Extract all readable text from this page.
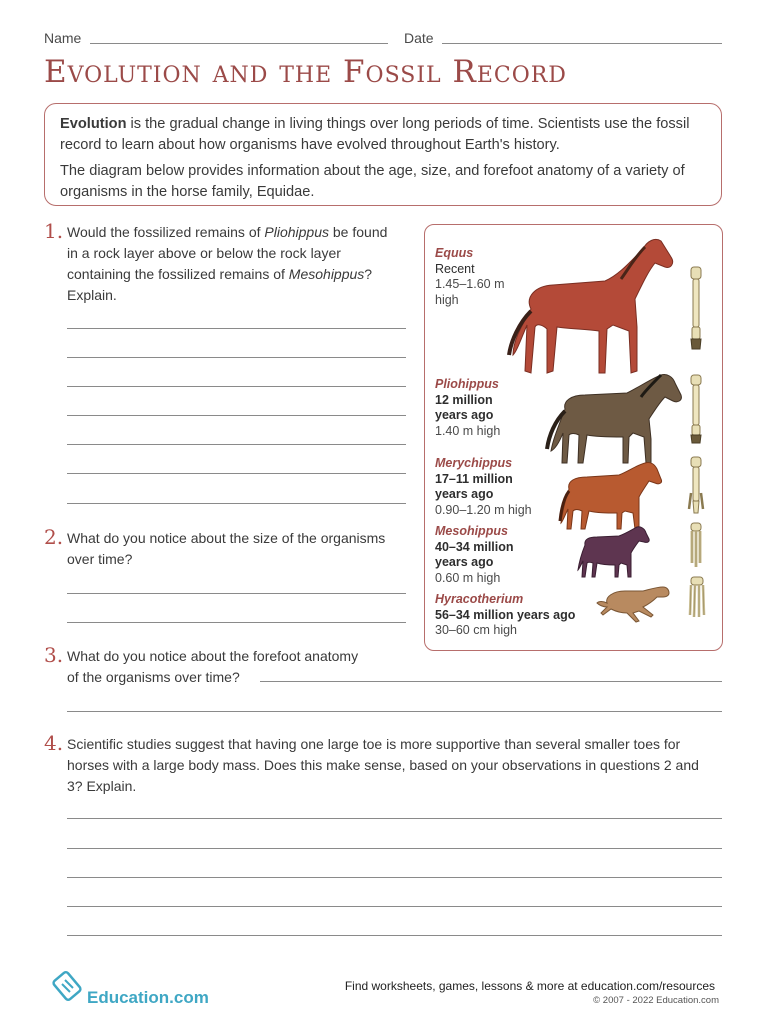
Name	Date
Evolution and the Fossil Record

Evolution is the gradual change in living things over long periods of time. Scientists use the fossil record to learn about how organisms have evolved throughout Earth's history.

The diagram below provides information about the age, size, and forefoot anatomy of a variety of organisms in the horse family, Equidae.

1. Would the fossilized remains of Pliohippus be found in a rock layer above or below the rock layer containing the fossilized remains of Mesohippus? Explain.
2. What do you notice about the size of the organisms over time?
3. What do you notice about the forefoot anatomy
of the organisms over time?
4. Scientific studies suggest that having one large toe is more supportive than several smaller toes for horses with a large body mass. Does this make sense, based on your observations in questions 2 and 3? Explain.
Equus
Recent
1.45–1.60 m high
Pliohippus
12 million years ago
1.40 m high
Merychippus
17–11 million years ago
0.90–1.20 m high
Mesohippus
40–34 million years ago
0.60 m high
Hyracotherium
56–34 million years ago
30–60 cm high
Education.com
Find worksheets, games, lessons & more at education.com/resources
© 2007 - 2022 Education.com
